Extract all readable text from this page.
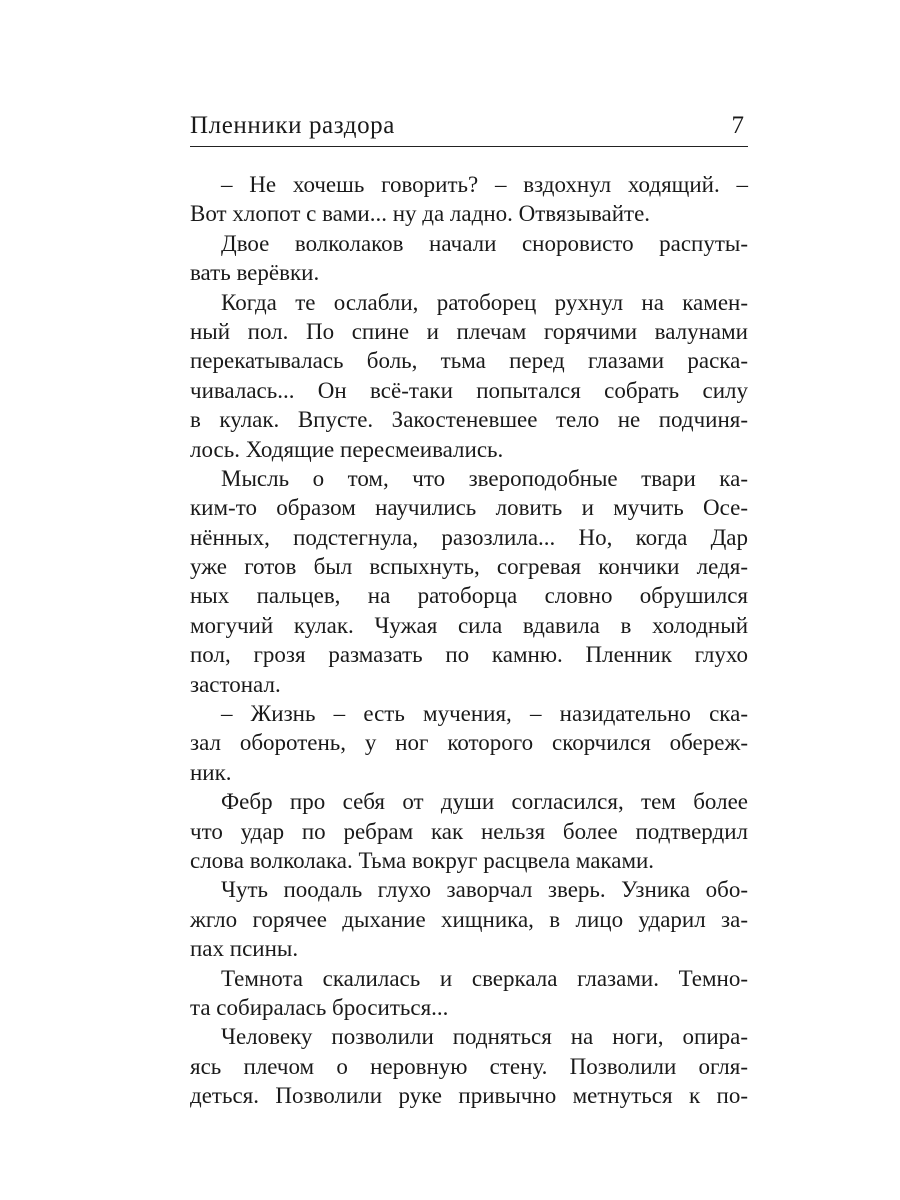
Пленники раздора	7
– Не хочешь говорить? – вздохнул ходящий. –
Вот хлопот с вами... ну да ладно. Отвязывайте.
Двое волколаков начали сноровисто распуты-
вать верёвки.
Когда те ослабли, ратоборец рухнул на камен-
ный пол. По спине и плечам горячими валунами
перекатывалась боль, тьма перед глазами раска-
чивалась... Он всё-таки попытался собрать силу
в кулак. Впусте. Закостеневшее тело не подчиня-
лось. Ходящие пересмеивались.
Мысль о том, что звероподобные твари ка-
ким-то образом научились ловить и мучить Осе-
нённых, подстегнула, разозлила... Но, когда Дар
уже готов был вспыхнуть, согревая кончики ледя-
ных пальцев, на ратоборца словно обрушился
могучий кулак. Чужая сила вдавила в холодный
пол, грозя размазать по камню. Пленник глухо
застонал.
– Жизнь – есть мучения, – назидательно ска-
зал оборотень, у ног которого скорчился обереж-
ник.
Фебр про себя от души согласился, тем более
что удар по ребрам как нельзя более подтвердил
слова волколака. Тьма вокруг расцвела маками.
Чуть поодаль глухо заворчал зверь. Узника обо-
жгло горячее дыхание хищника, в лицо ударил за-
пах псины.
Темнота скалилась и сверкала глазами. Темно-
та собиралась броситься...
Человеку позволили подняться на ноги, опира-
ясь плечом о неровную стену. Позволили огля-
деться. Позволили руке привычно метнуться к по-
